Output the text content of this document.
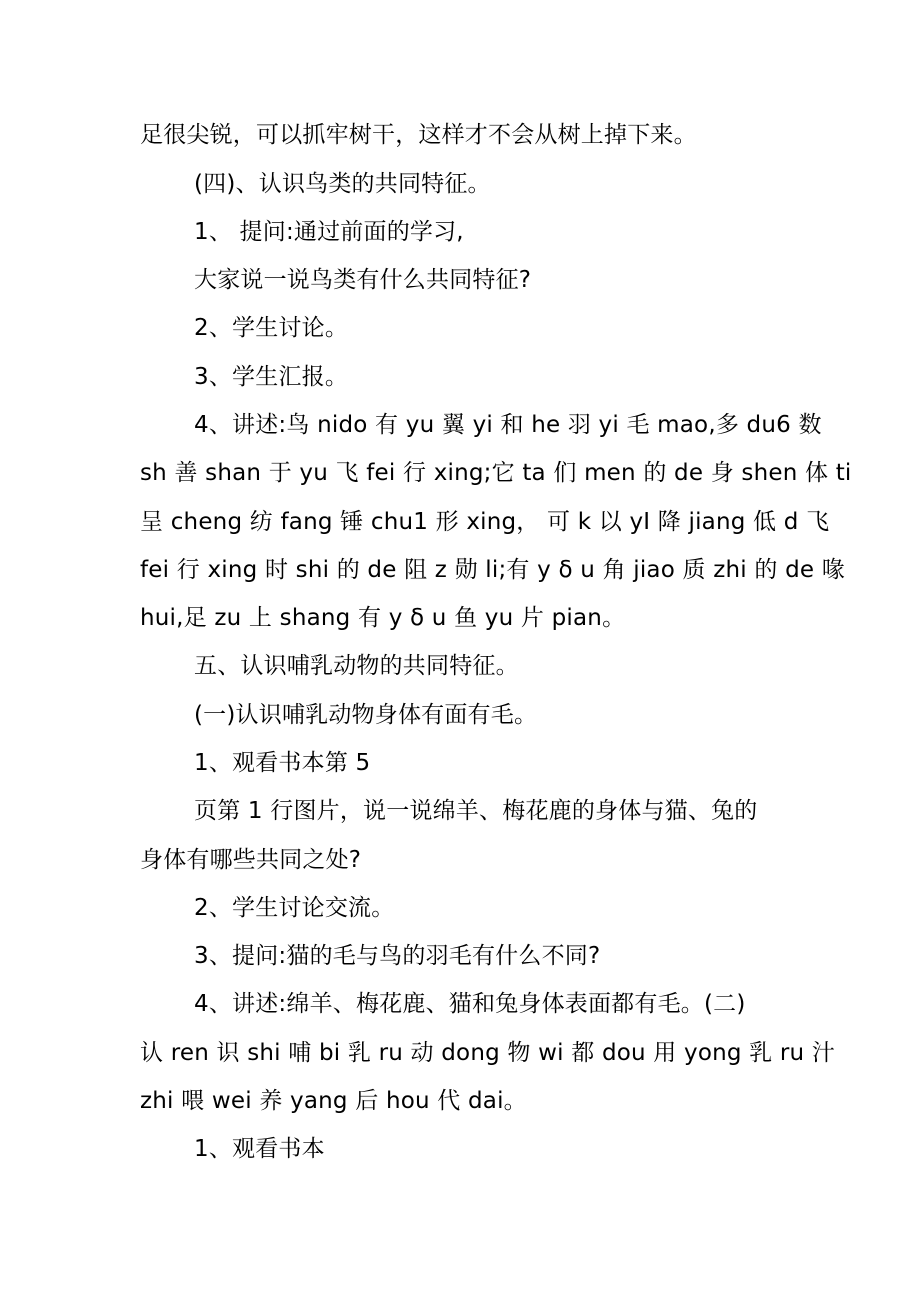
足很尖锐，可以抓牢树干，这样才不会从树上掉下来。
(四)、认识鸟类的共同特征。
1、 提问:通过前面的学习,
大家说一说鸟类有什么共同特征?
2、学生讨论。
3、学生汇报。
4、讲述:鸟 nido 有 yu 翼 yi 和 he 羽 yi 毛 mao,多 du6 数
sh 善 shan 于 yu 飞 fei 行 xing;它 ta 们 men 的 de 身 shen 体 ti
呈 cheng 纺 fang 锤 chu1 形 xing， 可 k 以 yI 降 jiang 低 d 飞
fei 行 xing 时 shi 的 de 阻 z 勋 li;有 y δ u 角 jiao 质 zhi 的 de 喙
hui,足 zu 上 shang 有 y δ u 鱼 yu 片 pian。
五、认识哺乳动物的共同特征。
(一)认识哺乳动物身体有面有毛。
1、观看书本第 5
页第 1 行图片，说一说绵羊、梅花鹿的身体与猫、兔的
身体有哪些共同之处?
2、学生讨论交流。
3、提问:猫的毛与鸟的羽毛有什么不同?
4、讲述:绵羊、梅花鹿、猫和兔身体表面都有毛。(二)
认 ren 识 shi 哺 bi 乳 ru 动 dong 物 wi 都 dou 用 yong 乳 ru 汁
zhi 喂 wei 养 yang 后 hou 代 dai。
1、观看书本
